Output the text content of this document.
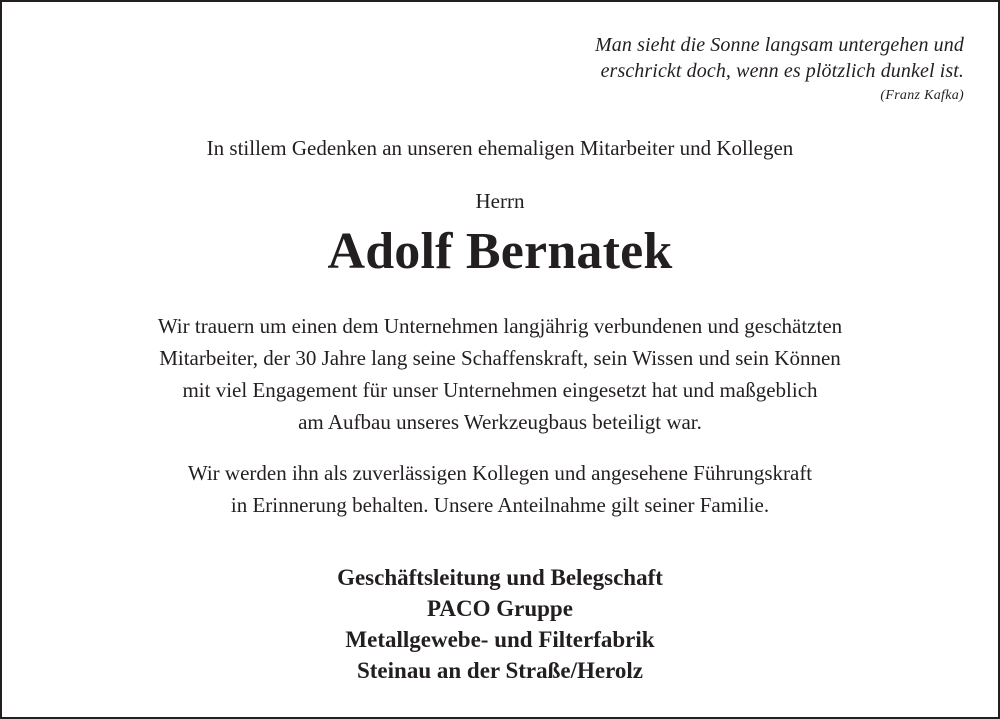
Man sieht die Sonne langsam untergehen und
erschrickt doch, wenn es plötzlich dunkel ist.
(Franz Kafka)
In stillem Gedenken an unseren ehemaligen Mitarbeiter und Kollegen
Herrn
Adolf Bernatek
Wir trauern um einen dem Unternehmen langjährig verbundenen und geschätzten
Mitarbeiter, der 30 Jahre lang seine Schaffenskraft, sein Wissen und sein Können
mit viel Engagement für unser Unternehmen eingesetzt hat und maßgeblich
am Aufbau unseres Werkzeugbaus beteiligt war.
Wir werden ihn als zuverlässigen Kollegen und angesehene Führungskraft
in Erinnerung behalten. Unsere Anteilnahme gilt seiner Familie.
Geschäftsleitung und Belegschaft
PACO Gruppe
Metallgewebe- und Filterfabrik
Steinau an der Straße/Herolz
